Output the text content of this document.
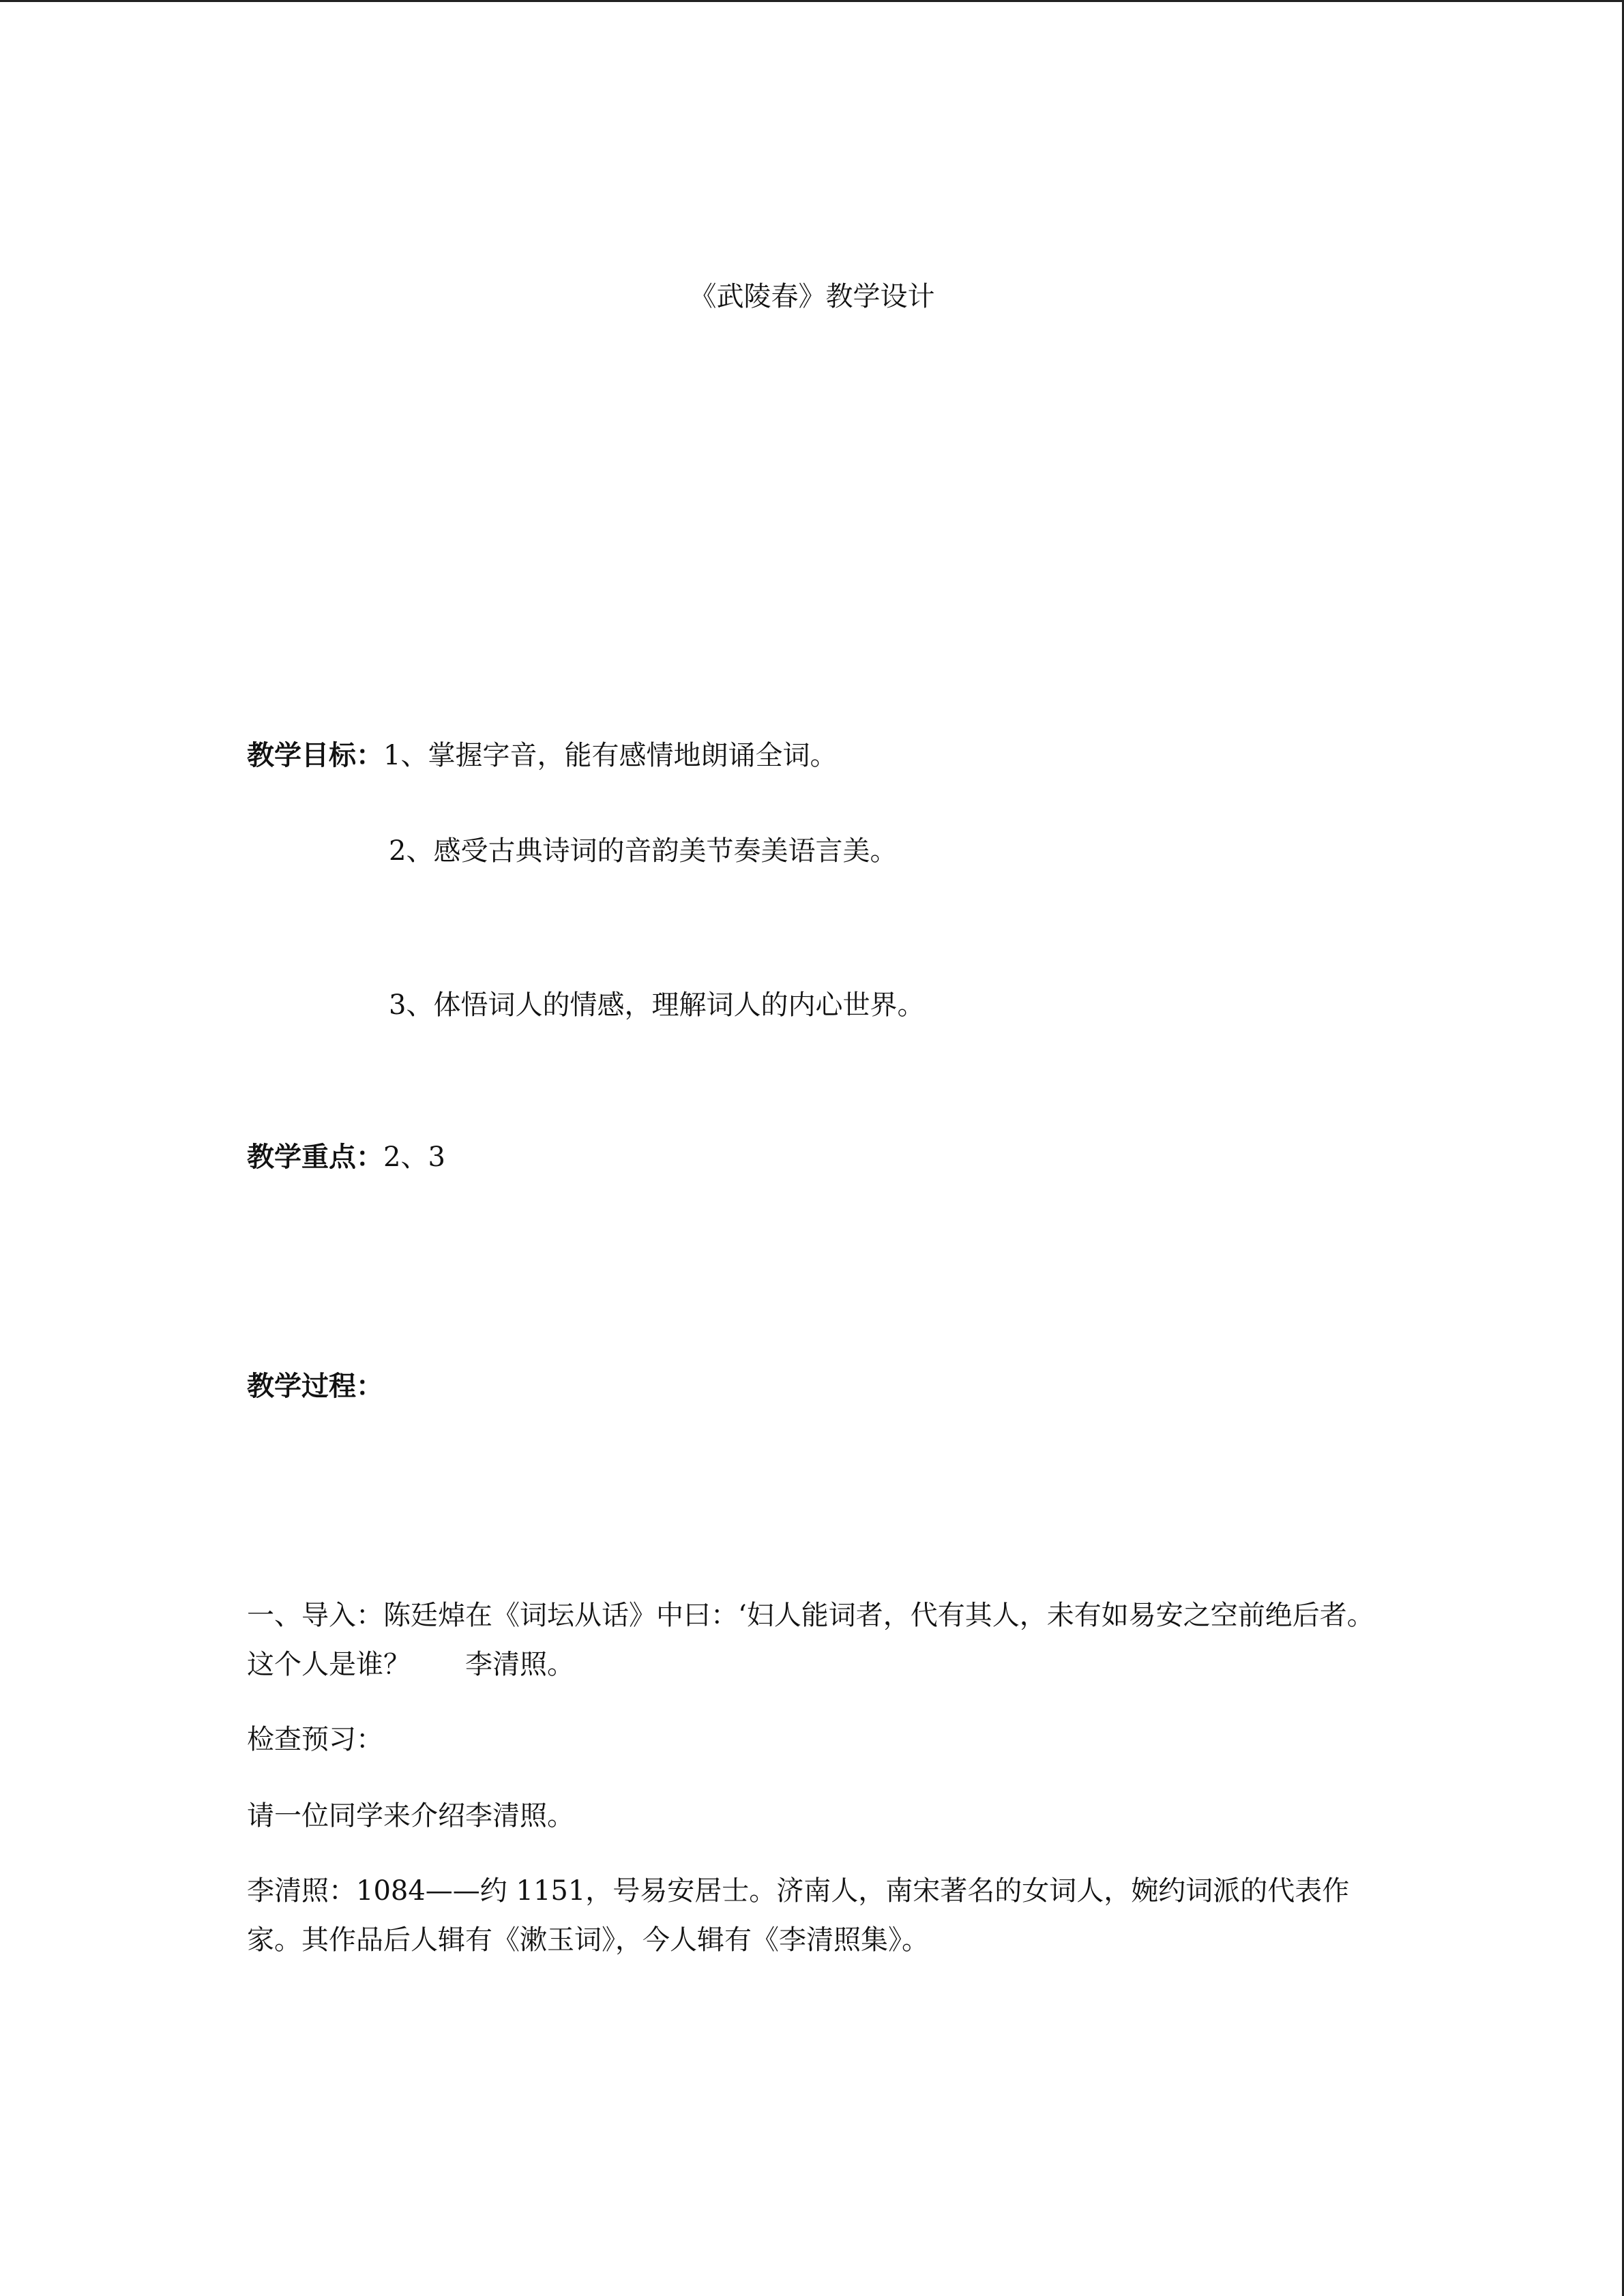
《武陵春》教学设计
教学目标：1、掌握字音，能有感情地朗诵全词。
2、感受古典诗词的音韵美节奏美语言美。
3、体悟词人的情感，理解词人的内心世界。
教学重点：2、3
教学过程：
一、导入：陈廷焯在《词坛从话》中曰：‘妇人能词者，代有其人，未有如易安之空前绝后者。这个人是谁？　　李清照。
检查预习：
请一位同学来介绍李清照。
李清照：1084——约 1151，号易安居士。济南人，南宋著名的女词人，婉约词派的代表作家。其作品后人辑有《漱玉词》，今人辑有《李清照集》。
